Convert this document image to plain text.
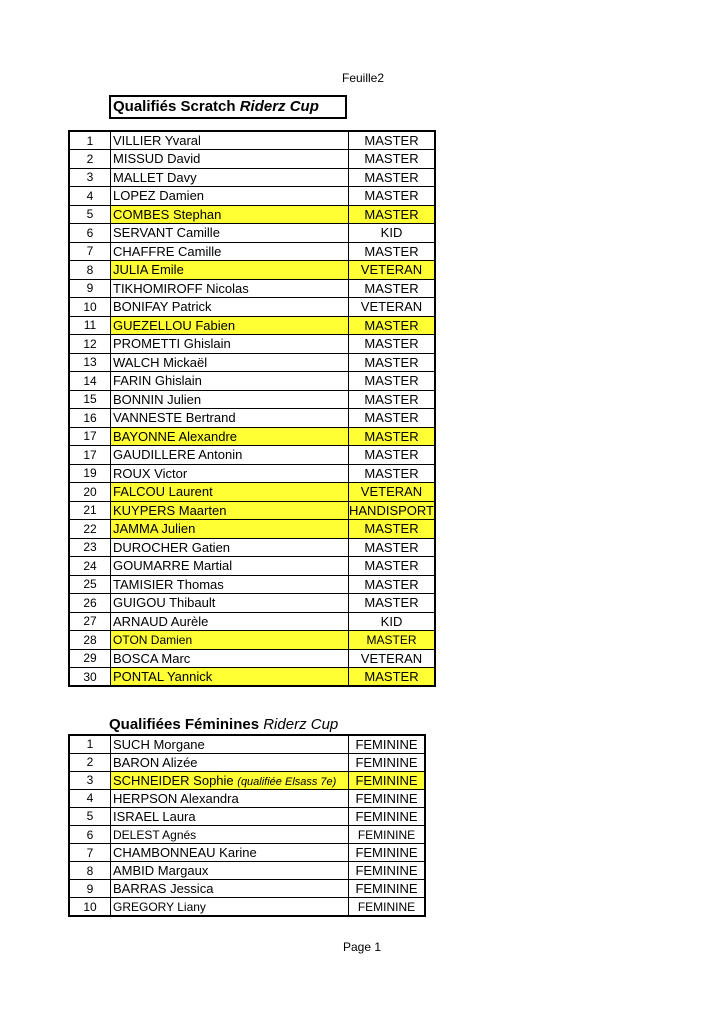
Feuille2
Qualifiés Scratch Riderz Cup
1	VILLIER Yvaral	MASTER
2	MISSUD David	MASTER
3	MALLET Davy	MASTER
4	LOPEZ Damien	MASTER
5	COMBES Stephan	MASTER
6	SERVANT Camille	KID
7	CHAFFRE Camille	MASTER
8	JULIA Emile	VETERAN
9	TIKHOMIROFF Nicolas	MASTER
10	BONIFAY Patrick	VETERAN
11	GUEZELLOU Fabien	MASTER
12	PROMETTI Ghislain	MASTER
13	WALCH Mickaël	MASTER
14	FARIN Ghislain	MASTER
15	BONNIN Julien	MASTER
16	VANNESTE Bertrand	MASTER
17	BAYONNE Alexandre	MASTER
17	GAUDILLERE Antonin	MASTER
19	ROUX Victor	MASTER
20	FALCOU Laurent	VETERAN
21	KUYPERS Maarten	HANDISPORT
22	JAMMA Julien	MASTER
23	DUROCHER Gatien	MASTER
24	GOUMARRE Martial	MASTER
25	TAMISIER Thomas	MASTER
26	GUIGOU Thibault	MASTER
27	ARNAUD Aurèle	KID
28	OTON Damien	MASTER
29	BOSCA Marc	VETERAN
30	PONTAL Yannick	MASTER
Qualifiées Féminines Riderz Cup
1	SUCH Morgane	FEMININE
2	BARON Alizée	FEMININE
3	SCHNEIDER Sophie (qualifiée Elsass 7e)	FEMININE
4	HERPSON Alexandra	FEMININE
5	ISRAEL Laura	FEMININE
6	DELEST Agnés	FEMININE
7	CHAMBONNEAU Karine	FEMININE
8	AMBID Margaux	FEMININE
9	BARRAS Jessica	FEMININE
10	GREGORY Liany	FEMININE
Page 1
